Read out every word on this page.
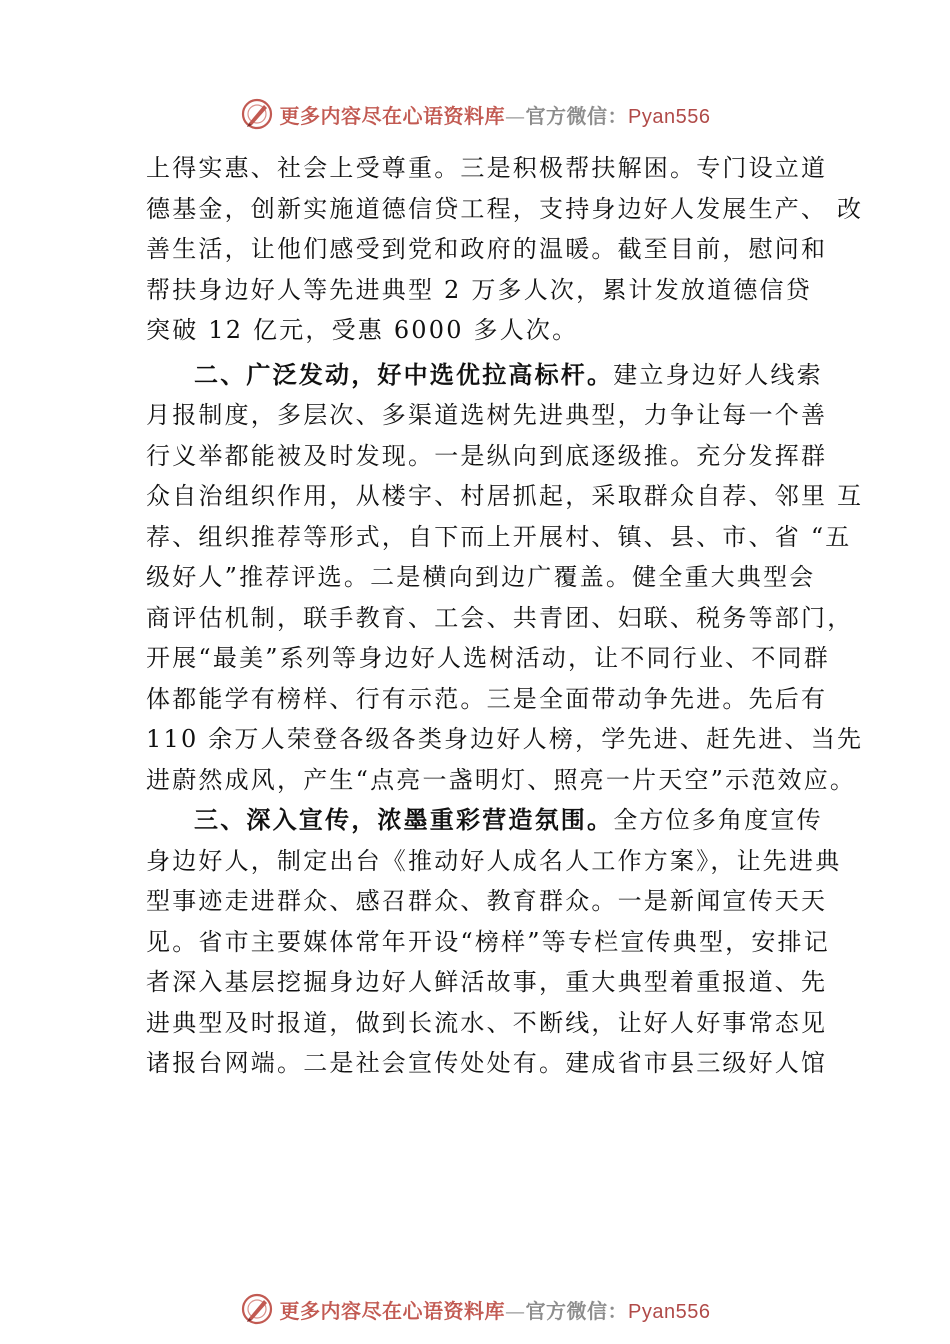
更多内容尽在心语资料库—官方微信：Pyan556
上得实惠、社会上受尊重。三是积极帮扶解困。专门设立道
德基金，创新实施道德信贷工程，支持身边好人发展生产、 改
善生活，让他们感受到党和政府的温暖。截至目前，慰问和
帮扶身边好人等先进典型 2 万多人次，累计发放道德信贷
突破 12 亿元，受惠 6000 多人次。
二、广泛发动，好中选优拉高标杆。建立身边好人线索
月报制度，多层次、多渠道选树先进典型，力争让每一个善
行义举都能被及时发现。一是纵向到底逐级推。充分发挥群
众自治组织作用，从楼宇、村居抓起，采取群众自荐、邻里 互
荐、组织推荐等形式，自下而上开展村、镇、县、市、省 “五
级好人”推荐评选。二是横向到边广覆盖。健全重大典型会
商评估机制，联手教育、工会、共青团、妇联、税务等部门，
开展“最美”系列等身边好人选树活动，让不同行业、不同群
体都能学有榜样、行有示范。三是全面带动争先进。先后有
110 余万人荣登各级各类身边好人榜，学先进、赶先进、当先
进蔚然成风，产生“点亮一盏明灯、照亮一片天空”示范效应。
三、深入宣传，浓墨重彩营造氛围。全方位多角度宣传
身边好人，制定出台《推动好人成名人工作方案》，让先进典
型事迹走进群众、感召群众、教育群众。一是新闻宣传天天
见。省市主要媒体常年开设“榜样”等专栏宣传典型，安排记
者深入基层挖掘身边好人鲜活故事，重大典型着重报道、先
进典型及时报道，做到长流水、不断线，让好人好事常态见
诸报台网端。二是社会宣传处处有。建成省市县三级好人馆
更多内容尽在心语资料库—官方微信：Pyan556
